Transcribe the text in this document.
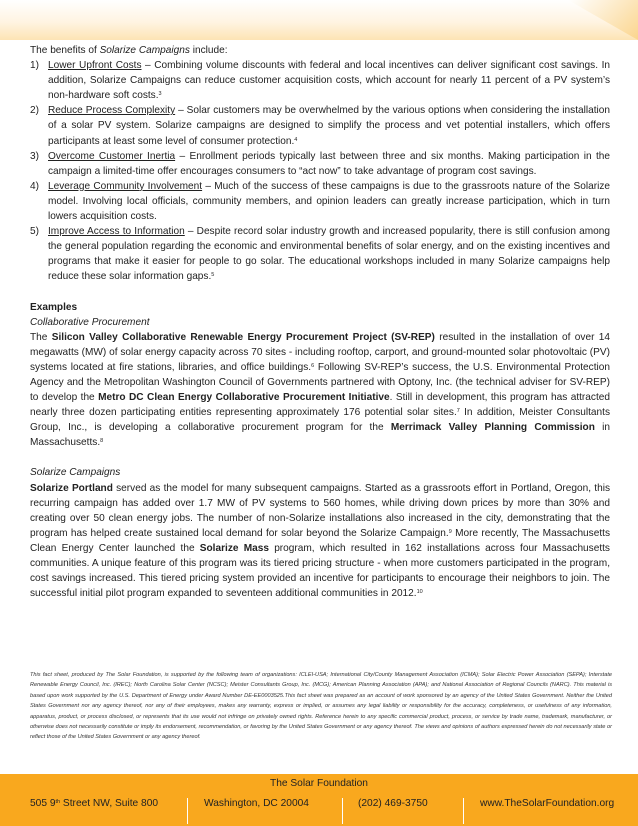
The benefits of Solarize Campaigns include:

1) Lower Upfront Costs – Combining volume discounts with federal and local incentives can deliver significant cost savings. In addition, Solarize Campaigns can reduce customer acquisition costs, which account for nearly 11 percent of a PV system’s non-hardware soft costs.$^3$
2) Reduce Process Complexity – Solar customers may be overwhelmed by the various options when considering the installation of a solar PV system. Solarize campaigns are designed to simplify the process and vet potential installers, which offers participants at least some level of consumer protection.$^4$
3) Overcome Customer Inertia – Enrollment periods typically last between three and six months. Making participation in the campaign a limited-time offer encourages consumers to “act now” to take advantage of program cost savings.
4) Leverage Community Involvement – Much of the success of these campaigns is due to the grassroots nature of the Solarize model. Involving local officials, community members, and opinion leaders can greatly increase participation, which in turn lowers acquisition costs.
5) Improve Access to Information – Despite record solar industry growth and increased popularity, there is still confusion among the general population regarding the economic and environmental benefits of solar energy, and on the existing incentives and programs that make it easier for people to go solar. The educational workshops included in many Solarize campaigns help reduce these solar information gaps.$^5$

Examples

Collaborative Procurement

The Silicon Valley Collaborative Renewable Energy Procurement Project (SV-REP) resulted in the installation of over 14 megawatts (MW) of solar energy capacity across 70 sites - including rooftop, carport, and ground-mounted solar photovoltaic (PV) systems located at fire stations, libraries, and office buildings.$^6$ Following SV-REP’s success, the U.S. Environmental Protection Agency and the Metropolitan Washington Council of Governments partnered with Optony, Inc. (the technical adviser for SV-REP) to develop the Metro DC Clean Energy Collaborative Procurement Initiative. Still in development, this program has attracted nearly three dozen participating entities representing approximately 176 potential solar sites.$^7$ In addition, Meister Consultants Group, Inc., is developing a collaborative procurement program for the Merrimack Valley Planning Commission in Massachusetts.$^8$

Solarize Campaigns

Solarize Portland served as the model for many subsequent campaigns. Started as a grassroots effort in Portland, Oregon, this recurring campaign has added over 1.7 MW of PV systems to 560 homes, while driving down prices by more than 30% and creating over 50 clean energy jobs. The number of non-Solarize installations also increased in the city, demonstrating that the program has helped create sustained local demand for solar beyond the Solarize Campaign.$^9$ More recently, The Massachusetts Clean Energy Center launched the Solarize Mass program, which resulted in 162 installations across four Massachusetts communities. A unique feature of this program was its tiered pricing structure - when more customers participated in the program, cost savings increased. This tiered pricing system provided an incentive for participants to encourage their neighbors to join. The successful initial pilot program expanded to seventeen additional communities in 2012.10

This fact sheet, produced by The Solar Foundation, is supported by the following team of organizations: ICLEI-USA; International City/County Management Association (ICMA); Solar Electric Power Association (SEPA); Interstate Renewable Energy Council, Inc. (IREC); North Carolina Solar Center (NCSC); Meister Consultants Group, Inc. (MCG); American Planning Association (APA); and National Association of Regional Councils (NARC). This material is based upon work supported by the U.S. Department of Energy under Award Number DE-EE0003525.This fact sheet was prepared as an account of work sponsored by an agency of the United States Government. Neither the United States Government nor any agency thereof, nor any of their employees, makes any warranty, express or implied, or assumes any legal liability or responsibility for the accuracy, completeness, or usefulness of any information, apparatus, product, or process disclosed, or represents that its use would not infringe on privately owned rights. Reference herein to any specific commercial product, process, or service by trade name, trademark, manufacturer, or otherwise does not necessarily constitute or imply its endorsement, recommendation, or favoring by the United States Government or any agency thereof. The views and opinions of authors expressed herein do not necessarily state or reflect those of the United States Government or any agency thereof.

The Solar Foundation
505 9th Street NW, Suite 800	Washington, DC 20004	(202) 469-3750	www.TheSolarFoundation.org
